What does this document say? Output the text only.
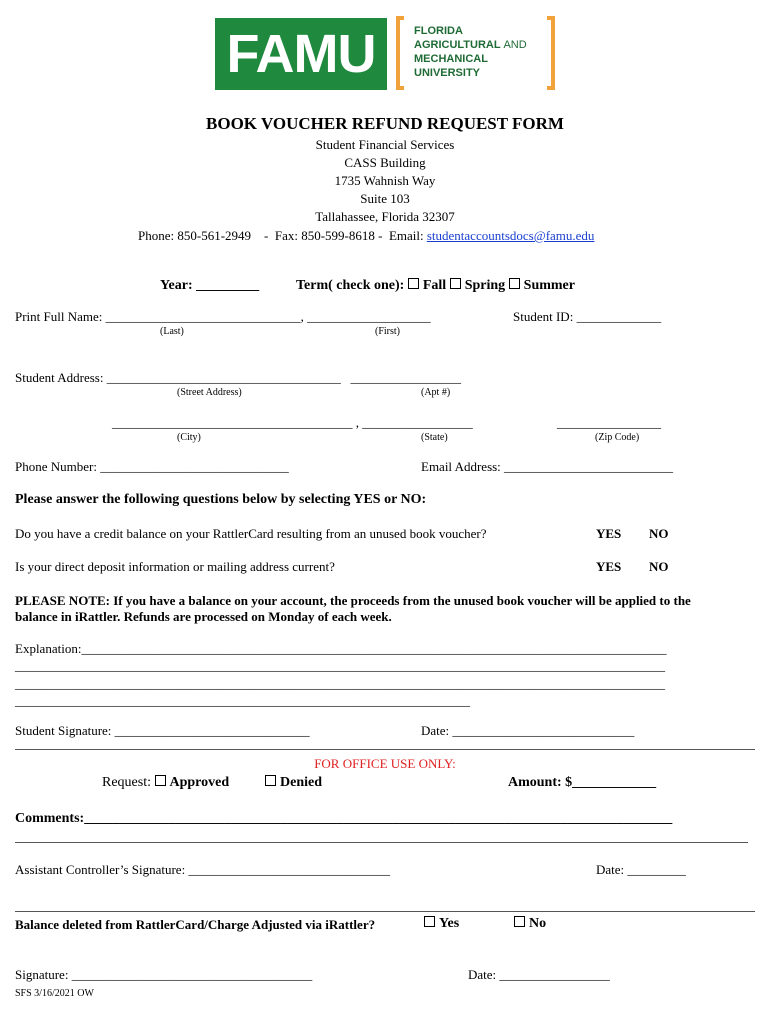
FAMU	FLORIDA
AGRICULTURAL AND
MECHANICAL
UNIVERSITY
BOOK VOUCHER REFUND REQUEST FORM
Student Financial Services
CASS Building
1735 Wahnish Way
Suite 103
Tallahassee, Florida 32307
Phone: 850-561-2949    -  Fax: 850-599-8618 -  Email: studentaccountsdocs@famu.edu
Year: _________	Term( check one): Fall Spring Summer
Print Full Name: ______________________________, ___________________
(Last)	(First)
Student ID: _____________
Student Address: ____________________________________   _________________
(Street Address)	(Apt #)
_____________________________________ , _________________	________________
(City)	(State)	(Zip Code)
Phone Number: _____________________________	Email Address: __________________________
Please answer the following questions below by selecting YES or NO:
Do you have a credit balance on your RattlerCard resulting from an unused book voucher?	YES NO
Is your direct deposit information or mailing address current?	YES NO
PLEASE NOTE: If you have a balance on your account, the proceeds from the unused book voucher will be applied to the
balance in iRattler. Refunds are processed on Monday of each week.
Explanation:__________________________________________________________________________________________
____________________________________________________________________________________________________
____________________________________________________________________________________________________
______________________________________________________________________
Student Signature: ______________________________	Date: ____________________________
FOR OFFICE USE ONLY:
Request: Approved	Denied	Amount: $____________
Comments:____________________________________________________________________________________
Assistant Controller’s Signature: _______________________________	Date: _________
Balance deleted from RattlerCard/Charge Adjusted via iRattler?	Yes	No
Signature: _____________________________________	Date: _________________
SFS 3/16/2021 OW
